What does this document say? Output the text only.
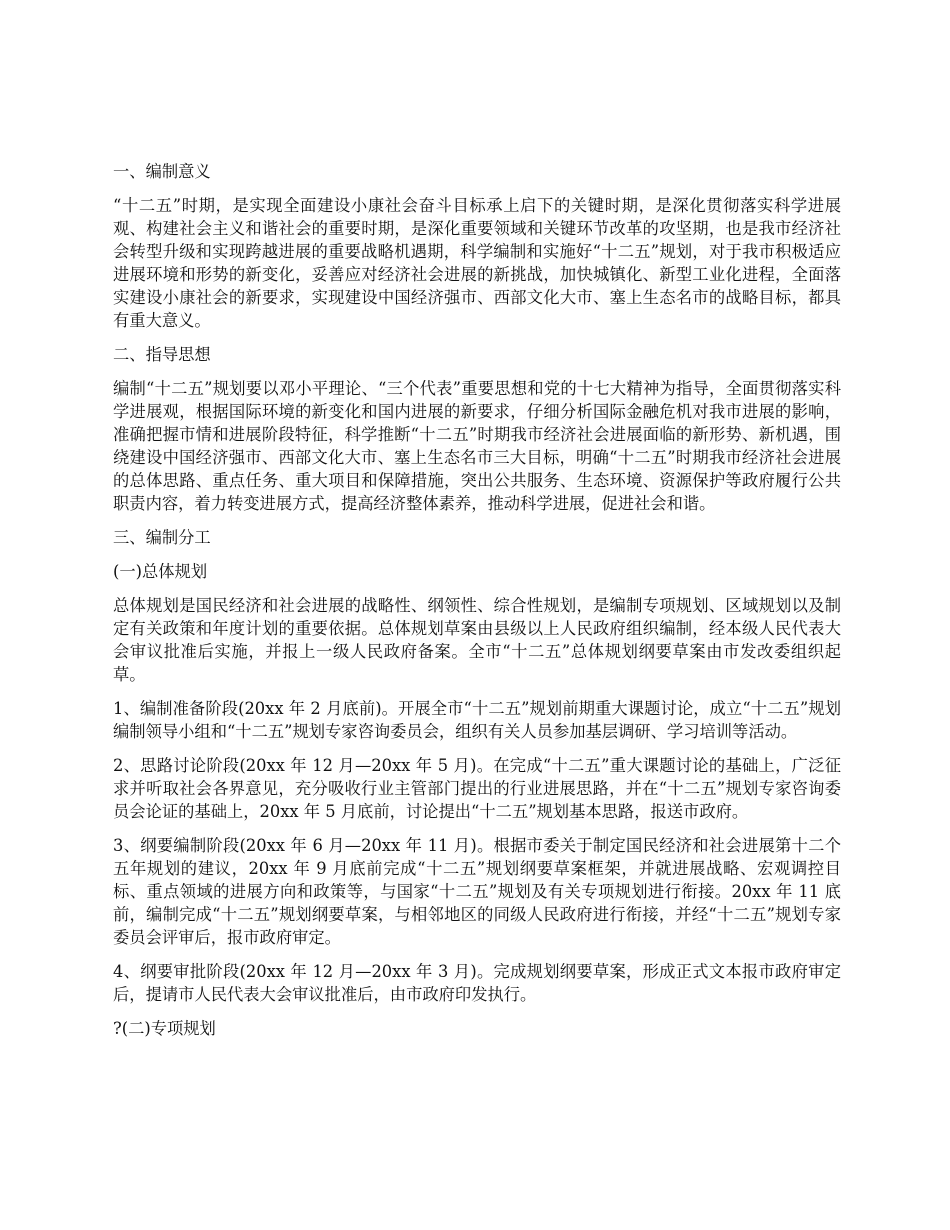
一、编制意义

“十二五”时期，是实现全面建设小康社会奋斗目标承上启下的关键时期，是深化贯彻落实科学进展观、构建社会主义和谐社会的重要时期，是深化重要领域和关键环节改革的攻坚期，也是我市经济社会转型升级和实现跨越进展的重要战略机遇期，科学编制和实施好“十二五”规划，对于我市积极适应进展环境和形势的新变化，妥善应对经济社会进展的新挑战，加快城镇化、新型工业化进程，全面落实建设小康社会的新要求，实现建设中国经济强市、西部文化大市、塞上生态名市的战略目标，都具有重大意义。

二、指导思想

编制“十二五”规划要以邓小平理论、“三个代表”重要思想和党的十七大精神为指导，全面贯彻落实科学进展观，根据国际环境的新变化和国内进展的新要求，仔细分析国际金融危机对我市进展的影响，准确把握市情和进展阶段特征，科学推断“十二五”时期我市经济社会进展面临的新形势、新机遇，围绕建设中国经济强市、西部文化大市、塞上生态名市三大目标，明确“十二五”时期我市经济社会进展的总体思路、重点任务、重大项目和保障措施，突出公共服务、生态环境、资源保护等政府履行公共职责内容，着力转变进展方式，提高经济整体素养，推动科学进展，促进社会和谐。

三、编制分工

(一)总体规划

总体规划是国民经济和社会进展的战略性、纲领性、综合性规划，是编制专项规划、区域规划以及制定有关政策和年度计划的重要依据。总体规划草案由县级以上人民政府组织编制，经本级人民代表大会审议批准后实施，并报上一级人民政府备案。全市“十二五”总体规划纲要草案由市发改委组织起草。

1、编制准备阶段(20xx 年 2 月底前)。开展全市“十二五”规划前期重大课题讨论，成立“十二五”规划编制领导小组和“十二五”规划专家咨询委员会，组织有关人员参加基层调研、学习培训等活动。

2、思路讨论阶段(20xx 年 12 月—20xx 年 5 月)。在完成“十二五”重大课题讨论的基础上，广泛征求并听取社会各界意见，充分吸收行业主管部门提出的行业进展思路，并在“十二五”规划专家咨询委员会论证的基础上，20xx 年 5 月底前，讨论提出“十二五”规划基本思路，报送市政府。

3、纲要编制阶段(20xx 年 6 月—20xx 年 11 月)。根据市委关于制定国民经济和社会进展第十二个五年规划的建议，20xx 年 9 月底前完成“十二五”规划纲要草案框架，并就进展战略、宏观调控目标、重点领域的进展方向和政策等，与国家“十二五”规划及有关专项规划进行衔接。20xx 年 11 底前，编制完成“十二五”规划纲要草案，与相邻地区的同级人民政府进行衔接，并经“十二五”规划专家委员会评审后，报市政府审定。

4、纲要审批阶段(20xx 年 12 月—20xx 年 3 月)。完成规划纲要草案，形成正式文本报市政府审定后，提请市人民代表大会审议批准后，由市政府印发执行。

?(二)专项规划
